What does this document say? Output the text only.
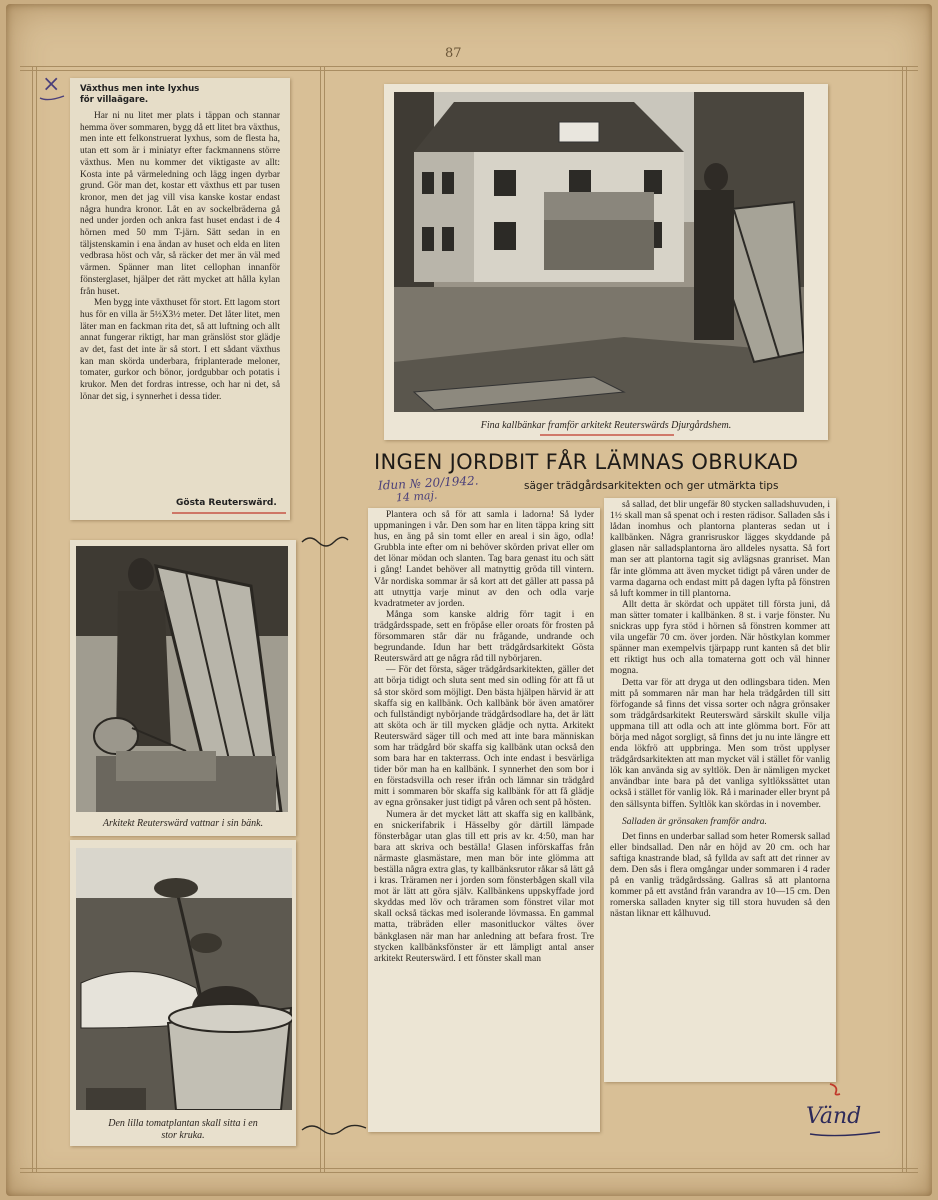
87
× Växthus men inte lyxhus
för villaägare.

Har ni nu litet mer plats i täppan och stannar hemma över sommaren, bygg då ett litet bra växthus, men inte ett felkonstruerat lyxhus, som de flesta ha, utan ett som är i miniatyr efter fackmannens större växthus. Men nu kommer det viktigaste av allt: Kosta inte på värmeledning och lägg ingen dyrbar grund. Gör man det, kostar ett växthus ett par tusen kronor, men det jag vill visa kanske kostar endast några hundra kronor. Låt en av sockelbräderna gå ned under jorden och ankra fast huset endast i de 4 hörnen med 50 mm T-järn. Sätt sedan in en täljstenskamin i ena ändan av huset och elda en liten vedbrasa höst och vår, så räcker det mer än väl med värmen. Spänner man litet cellophan innanför fönsterglaset, hjälper det rätt mycket att hålla kylan från huset.

Men bygg inte växthuset för stort. Ett lagom stort hus för en villa är 5½X3½ meter. Det låter litet, men läter man en fackman rita det, så att luftning och allt annat fungerar riktigt, har man gränslöst stor glädje av det, fast det inte är så stort. I ett sådant växthus kan man skörda underbara, friplanterade meloner, tomater, gurkor och bönor, jordgubbar och potatis i krukor. Men det fordras intresse, och har ni det, så lönar det sig, i synnerhet i dessa tider.

Gösta Reuterswärd.
Fina kallbänkar framför arkitekt Reuterswärds Djurgårdshem.
INGEN JORDBIT FÅR LÄMNAS OBRUKAD
säger trädgårdsarkitekten och ger utmärkta tips
Idun № 20/1942.
14 maj.

Plantera och så för att samla i ladorna! Så lyder uppmaningen i vår. Den som har en liten täppa kring sitt hus, en äng på sin tomt eller en areal i sin ägo, odla! Grubbla inte efter om ni behöver skörden privat eller om det lönar mödan och slanten. Tag bara genast itu och sätt i gång! Landet behöver all matnyttig gröda till vintern. Vår nordiska sommar är så kort att det gäller att passa på att utnyttja varje minut av den och odla varje kvadratmeter av jorden.

Många som kanske aldrig förr tagit i en trädgårdsspade, sett en fröpåse eller oroats för frosten på försommaren står där nu frågande, undrande och begrundande. Idun har bett trädgårdsarkitekt Gösta Reuterswärd att ge några råd till nybörjaren.

— För det första, säger trädgårdsarkitekten, gäller det att börja tidigt och sluta sent med sin odling för att få ut så stor skörd som möjligt. Den bästa hjälpen härvid är att skaffa sig en kallbänk. Och kallbänk bör även amatörer och fullständigt nybörjande trädgårdsodlare ha, det är lätt att sköta och är till mycken glädje och nytta. Arkitekt Reuterswärd säger till och med att inte bara människan som har trädgård bör skaffa sig kallbänk utan också den som bara har en takterrass. Och inte endast i besvärliga tider bör man ha en kallbänk. I synnerhet den som bor i en förstadsvilla och reser ifrån och lämnar sin trädgård mitt i sommaren bör skaffa sig kallbänk för att få glädje av egna grönsaker just tidigt på våren och sent på hösten.

Numera är det mycket lätt att skaffa sig en kallbänk, en snickerifabrik i Hässelby gör därtill lämpade fönsterbågar utan glas till ett pris av kr. 4:50, man har bara att skriva och beställa! Glasen införskaffas från närmaste glasmästare, men man bör inte glömma att beställa några extra glas, ty kallbänksrutor råkar så lätt gå i kras. Träramen ner i jorden som fönsterbågen skall vila mot är lätt att göra själv. Kallbänkens uppskyffade jord skyddas med löv och träramen som fönstret vilar mot skall också täckas med isolerande lövmassa. En gammal matta, träbräden eller masonitluckor vältes över bänkglasen när man har anledning att befara frost. Tre stycken kallbänksfönster är ett lämpligt antal anser arkitekt Reuterswärd. I ett fönster skall man

så sallad, det blir ungefär 80 stycken salladshuvuden, i 1½ skall man så spenat och i resten rädisor. Salladen sås i lådan inomhus och plantorna planteras sedan ut i kallbänken. Några granrisruskor lägges skyddande på glasen när salladsplantorna äro alldeles nysatta. Så fort man ser att plantorna tagit sig avlägsnas granriset. Man får inte glömma att även mycket tidigt på våren under de varma dagarna och endast mitt på dagen lyfta på fönstren så luft kommer in till plantorna.

Allt detta är skördat och uppätet till första juni, då man sätter tomater i kallbänken. 8 st. i varje fönster. Nu snickras upp fyra stöd i hörnen så fönstren kommer att vila ungefär 70 cm. över jorden. När höstkylan kommer spänner man exempelvis tjärpapp runt kanten så det blir ett riktigt hus och alla tomaterna gott och väl hinner mogna.

Detta var för att dryga ut den odlingsbara tiden. Men mitt på sommaren när man har hela trädgården till sitt förfogande så finns det vissa sorter och några grönsaker som trädgårdsarkitekt Reuterswärd särskilt skulle vilja uppmana till att odla och att inte glömma bort. För att börja med något sorgligt, så finns det ju nu inte längre ett enda lökfrö att uppbringa. Men som tröst upplyser trädgårdsarkitekten att man mycket väl i stället för vanlig lök kan använda sig av syltlök. Den är nämligen mycket användbar inte bara på det vanliga syltlökssättet utan också i stället för vanlig lök. Rå i marinader eller brynt på den sällsynta biffen. Syltlök kan skördas in i november.

Salladen är grönsaken framför andra.

Det finns en underbar sallad som heter Romersk sallad eller bindsallad. Den når en höjd av 20 cm. och har saftiga knastrande blad, så fyllda av saft att det rinner av dem. Den sås i flera omgångar under sommaren i 4 rader på en vanlig trädgårdssäng. Gallras så att plantorna kommer på ett avstånd från varandra av 10—15 cm. Den romerska salladen knyter sig till stora huvuden så den nästan liknar ett kålhuvud.

Arkitekt Reuterswärd vattnar i sin bänk.
Den lilla tomatplantan skall sitta i en
stor kruka.
Vänd
